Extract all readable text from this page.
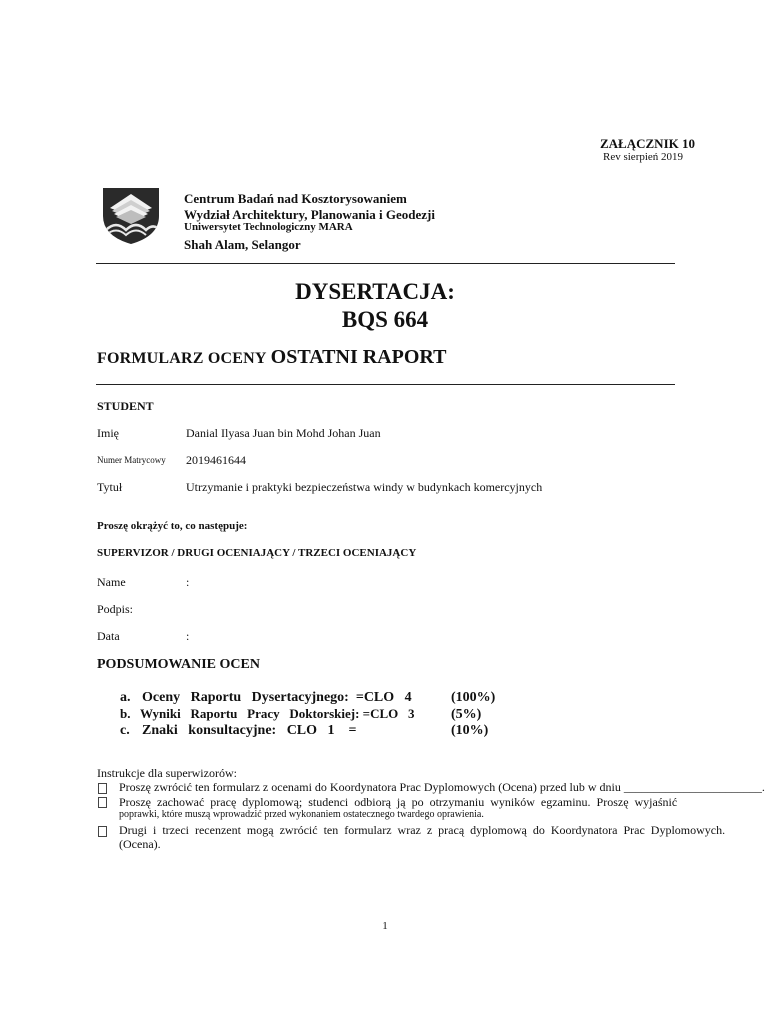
ZAŁĄCZNIK 10
Rev sierpień 2019
Centrum Badań nad Kosztorysowaniem
Wydział Architektury, Planowania i Geodezji
Uniwersytet Technologiczny MARA
Shah Alam, Selangor
DYSERTACJA:
BQS 664
FORMULARZ OCENY OSTATNI RAPORT
STUDENT
Imię	Danial Ilyasa Juan bin Mohd Johan Juan
Numer Matrycowy 2019461644
Tytuł	Utrzymanie i praktyki bezpieczeństwa windy w budynkach komercyjnych
Proszę okrążyć to, co następuje:
SUPERVIZOR / DRUGI OCENIAJĄCY / TRZECI OCENIAJĄCY
Name	:
Podpis:
Data	:
PODSUMOWANIE OCEN
a. Oceny   Raportu   Dysertacyjnego:  =CLO   4	(100%)
b. Wyniki   Raportu   Pracy   Doktorskiej: =CLO   3	(5%)
c. Znaki   konsultacyjne:   CLO   1    =	(10%)
Instrukcje dla superwizorów:
Proszę zwrócić ten formularz z ocenami do Koordynatora Prac Dyplomowych (Ocena) przed lub w dniu _______________________.
Proszę  zachować  pracę  dyplomową;  studenci  odbiorą  ją  po  otrzymaniu  wyników  egzaminu.  Proszę  wyjaśnić
poprawki, które muszą wprowadzić przed wykonaniem ostatecznego twardego oprawienia.
Drugi  i  trzeci  recenzent  mogą  zwrócić  ten  formularz  wraz  z  pracą  dyplomową  do  Koordynatora  Prac  Dyplomowych.
(Ocena).
1
